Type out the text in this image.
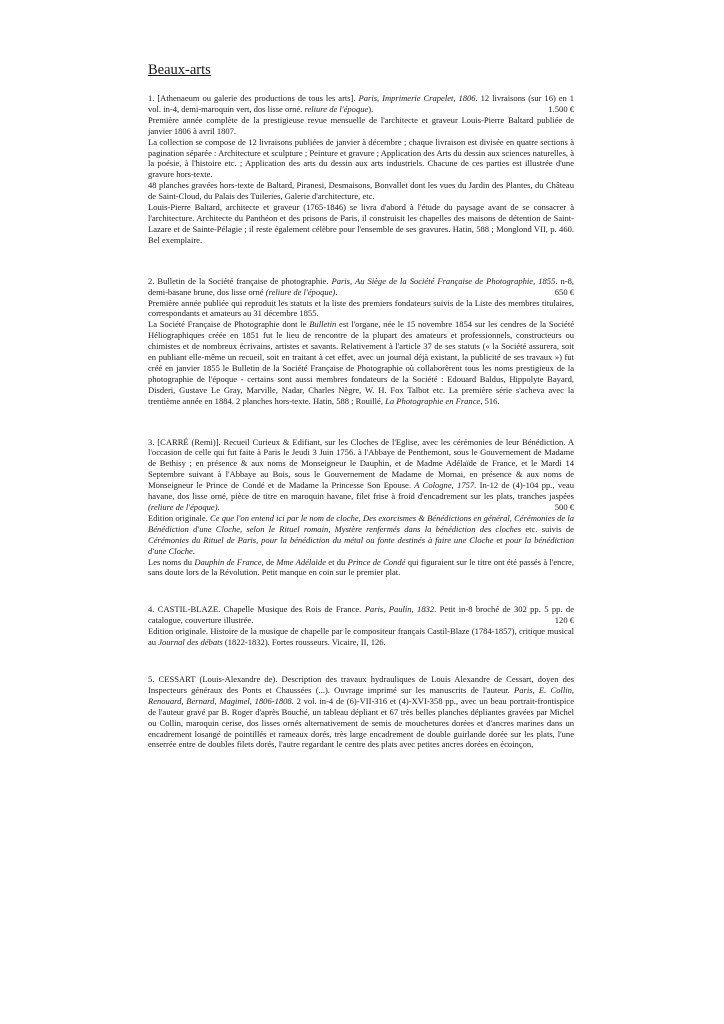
Beaux-arts

1. [Athenaeum ou galerie des productions de tous les arts]. Paris, Imprimerie Crapelet, 1806. 12 livraisons (sur 16) en 1 vol. in-4, demi-maroquin vert, dos lisse orné. reliure de l'époque).	1.500 €

Première année complète de la prestigieuse revue mensuelle de l'architecte et graveur Louis-Pierre Baltard publiée de janvier 1806 à avril 1807.

La collection se compose de 12 livraisons publiées de janvier à décembre ; chaque livraison est divisée en quatre sections à pagination séparée : Architecture et sculpture ; Peinture et gravure ; Application des Arts du dessin aux sciences naturelles, à la poésie, à l'histoire etc. ; Application des arts du dessin aux arts industriels. Chacune de ces parties est illustrée d'une gravure hors-texte.

48 planches gravées hors-texte de Baltard, Piranesi, Desmaisons, Bonvallet dont les vues du Jardin des Plantes, du Château de Saint-Cloud, du Palais des Tuileries, Galerie d'architecture, etc.

Louis-Pierre Baltard, architecte et graveur (1765-1846) se livra d'abord à l'étude du paysage avant de se consacrer à l'architecture. Architecte du Panthéon et des prisons de Paris, il construisit les chapelles des maisons de détention de Saint-Lazare et de Sainte-Pélagie ; il reste également célèbre pour l'ensemble de ses gravures. Hatin, 588 ; Monglond VII, p. 460. Bel exemplaire.

2. Bulletin de la Société française de photographie. Paris, Au Siège de la Société Française de Photographie, 1855. n-8, demi-basane brune, dos lisse orné (reliure de l'époque).	650 €

Première année publiée qui reproduit les statuts et la liste des premiers fondateurs suivis de la Liste des membres titulaires, correspondants et amateurs au 31 décembre 1855.

La Société Française de Photographie dont le Bulletin est l'organe, née le 15 novembre 1854 sur les cendres de la Société Héliographiques créée en 1851 fut le lieu de rencontre de la plupart des amateurs et professionnels, constructeurs ou chimistes et de nombreux écrivains, artistes et savants. Relativement à l'article 37 de ses statuts (« la Société assurera, soit en publiant elle-même un recueil, soit en traitant à cet effet, avec un journal déjà existant, la publicité de ses travaux ») fut créé en janvier 1855 le Bulletin de la Société Française de Photographie où collaborèrent tous les noms prestigieux de la photographie de l'époque - certains sont aussi membres fondateurs de la Société : Edouard Baldus, Hippolyte Bayard, Disderi, Gustave Le Gray, Marville, Nadar, Charles Nègre, W. H. Fox Talbot etc. La première série s'acheva avec la trentième année en 1884. 2 planches hors-texte. Hatin, 588 ; Rouillé, La Photographie en France, 516.

3. [CARRÉ (Remi)]. Recueil Curieux & Edifiant, sur les Cloches de l'Eglise, avec les cérémonies de leur Bénédiction. A l'occasion de celle qui fut faite à Paris le Jeudi 3 Juin 1756. à l'Abbaye de Penthemont, sous le Gouvernement de Madame de Bethisy ; en présence & aux noms de Monseigneur le Dauphin, et de Madme Adélaïde de France, et le Mardi 14 Septembre suivant à l'Abbaye au Bois, sous le Gouvernement de Madame de Mornai, en présence & aux noms de Monseigneur le Prince de Condé et de Madame la Princesse Son Epouse. A Cologne, 1757. In-12 de (4)-104 pp., veau havane, dos lisse orné, pièce de titre en maroquin havane, filet frise à froid d'encadrement sur les plats, tranches jaspées (reliure de l'époque).	500 €

Edition originale. Ce que l'on entend ici par le nom de cloche, Des exorcismes & Bénédictions en général, Cérémonies de la Bénédiction d'une Cloche, selon le Rituel romain, Mystère renfermés dans la bénédiction des cloches etc. suivis de Cérémonies du Rituel de Paris, pour la bénédiction du métal ou fonte destinés à faire une Cloche et pour la bénédiction d'une Cloche.

Les noms du Dauphin de France, de Mme Adélaïde et du Prince de Condé qui figuraient sur le titre ont été passés à l'encre, sans doute lors de la Révolution. Petit manque en coin sur le premier plat.

4. CASTIL-BLAZE. Chapelle Musique des Rois de France. Paris, Paulin, 1832. Petit in-8 broché de 302 pp. 5 pp. de catalogue, couverture illustrée.	120 €

Edition originale. Histoire de la musique de chapelle par le compositeur français Castil-Blaze (1784-1857), critique musical au Journal des débats (1822-1832). Fortes rousseurs. Vicaire, II, 126.

5. CESSART (Louis-Alexandre de). Description des travaux hydrauliques de Louis Alexandre de Cessart, doyen des Inspecteurs généraux des Ponts et Chaussées (...). Ouvrage imprimé sur les manuscrits de l'auteur. Paris, E. Collin, Renouard, Bernard, Magimel, 1806-1808. 2 vol. in-4 de (6)-VII-316 et (4)-XVI-358 pp., avec un beau portrait-frontispice de l'auteur gravé par B. Roger d'après Bouché, un tableau dépliant et 67 très belles planches dépliantes gravées par Michel ou Collin, maroquin cerise, dos lisses ornés alternativement de semis de mouchetures dorées et d'ancres marines dans un encadrement losangé de pointillés et rameaux dorés, très large encadrement de double guirlande dorée sur les plats, l'une enserrée entre de doubles filets dorés, l'autre regardant le centre des plats avec petites ancres dorées en écoinçon,
